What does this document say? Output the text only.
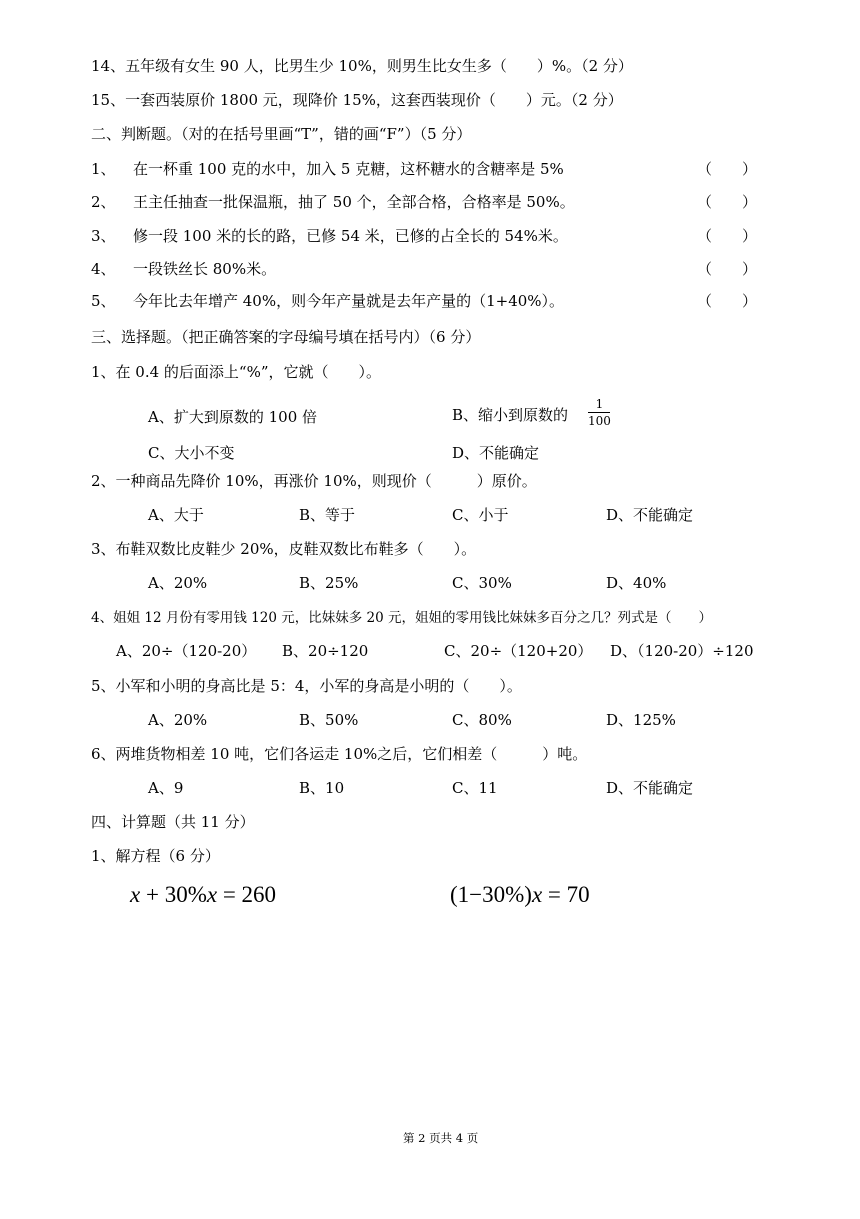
14、五年级有女生 90 人，比男生少 10%，则男生比女生多（　　）%。（2 分）
15、一套西装原价 1800 元，现降价 15%，这套西装现价（　　）元。（2 分）
二、判断题。（对的在括号里画“T”，错的画“F”）（5 分）
1、 在一杯重 100 克的水中，加入 5 克糖，这杯糖水的含糖率是 5%	（　　）
2、 王主任抽查一批保温瓶，抽了 50 个，全部合格，合格率是 50%。	（　　）
3、 修一段 100 米的长的路，已修 54 米，已修的占全长的 54%米。	（　　）
4、 一段铁丝长 80%米。	（　　）
5、 今年比去年增产 40%，则今年产量就是去年产量的（1+40%）。	（　　）
三、选择题。（把正确答案的字母编号填在括号内）（6 分）
1、在 0.4 的后面添上“%”，它就（　　）。
A、扩大到原数的 100 倍	B、缩小到原数的
1
100
C、大小不变	D、不能确定
2、一种商品先降价 10%，再涨价 10%，则现价（　　　）原价。
A、大于	B、等于	C、小于	D、不能确定
3、布鞋双数比皮鞋少 20%，皮鞋双数比布鞋多（　　）。
A、20%	B、25%	C、30%	D、40%
4、姐姐 12 月份有零用钱 120 元，比妹妹多 20 元，姐姐的零用钱比妹妹多百分之几？列式是（　　）
A、20÷（120-20） B、20÷120	C、20÷（120+20） D、（120-20）÷120
5、小军和小明的身高比是 5：4，小军的身高是小明的（　　）。
A、20%	B、50%	C、80%	D、125%
6、两堆货物相差 10 吨，它们各运走 10%之后，它们相差（　　　）吨。
A、9	B、10	C、11	D、不能确定
四、计算题（共 11 分）
1、解方程（6 分）
x + 30%x = 260	(1−30%)x = 70
第 2 页共 4 页
